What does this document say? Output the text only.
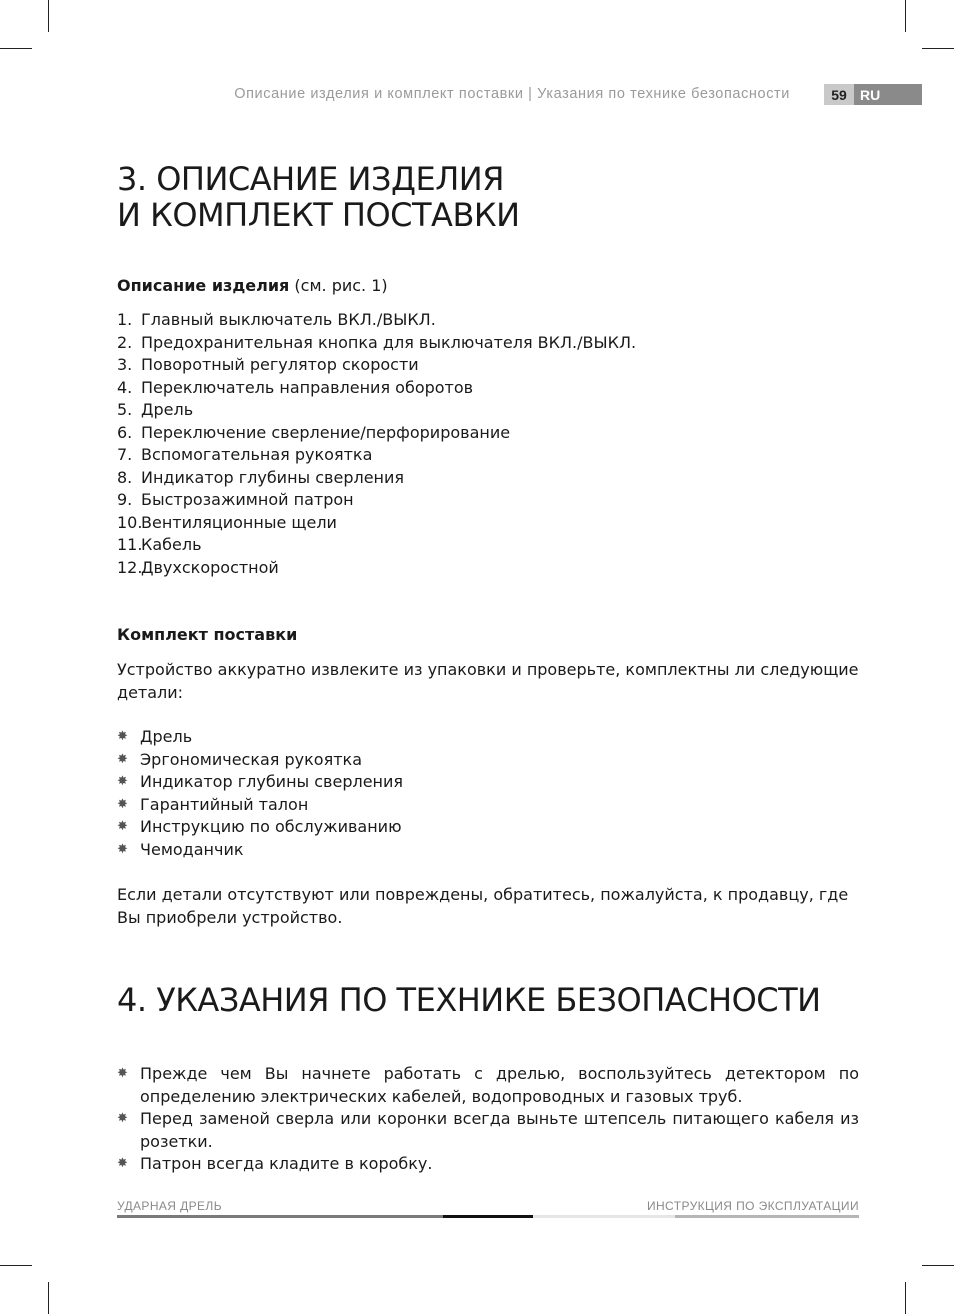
Описание изделия и комплект поставки | Указания по технике безопасности	59 RU
3. ОПИСАНИЕ ИЗДЕЛИЯ
И КОМПЛЕКТ ПОСТАВКИ
Описание изделия (см. рис. 1)
1. Главный выключатель ВКЛ./ВЫКЛ.
2. Предохранительная кнопка для выключателя ВКЛ./ВЫКЛ.
3. Поворотный регулятор скорости
4. Переключатель направления оборотов
5. Дрель
6. Переключение сверление/перфорирование
7. Вспомогательная рукоятка
8. Индикатор глубины сверления
9. Быстрозажимной патрон
10.
Вентиляционные щели
11.
Кабель
12.
Двухскоростной
Комплект поставки
Устройство аккуратно извлеките из упаковки и проверьте, комплектны ли следующие детали:
✸ Дрель
✸ Эргономическая рукоятка
✸ Индикатор глубины сверления
✸ Гарантийный талон
✸ Инструкцию по обслуживанию
✸ Чемоданчик
Если детали отсутствуют или повреждены, обратитесь, пожалуйста, к продавцу, где Вы приобрели устройство.
4. УКАЗАНИЯ ПО ТЕХНИКЕ БЕЗОПАСНОСТИ
✸ Прежде чем Вы начнете работать с дрелью, воспользуйтесь детектором по определению электрических кабелей, водопроводных и газовых труб.
✸ Перед заменой сверла или коронки всегда выньте штепсель питающего кабеля из розетки.
✸ Патрон всегда кладите в коробку.
УДАРНАЯ ДРЕЛЬ	ИНСТРУКЦИЯ ПО ЭКСПЛУАТАЦИИ
